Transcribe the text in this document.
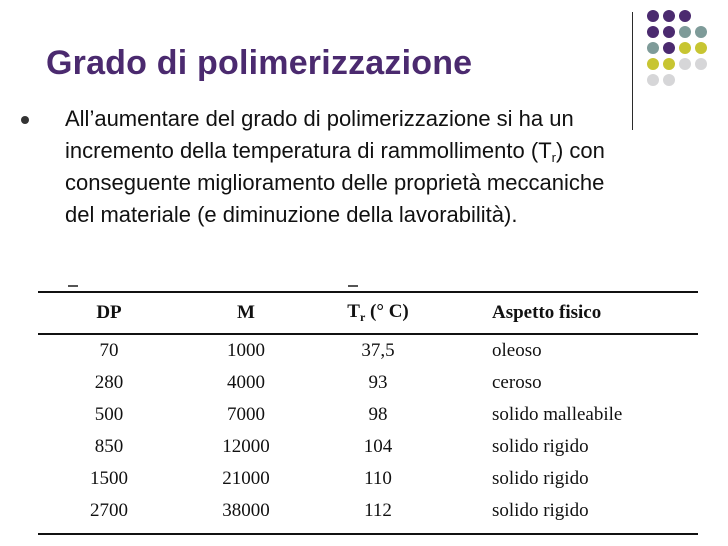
Grado di polimerizzazione

All’aumentare del grado di polimerizzazione si ha un incremento della temperatura di rammollimento $(T_r)$ con conseguente miglioramento delle proprietà meccaniche del materiale (e diminuzione della lavorabilità).

DP	M	$T_r$ (° C)	Aspetto fisico
70	1000	37,5	oleoso
280	4000	93	ceroso
500	7000	98	solido malleabile
850	12000	104	solido rigido
1500	21000	110	solido rigido
2700	38000	112	solido rigido
